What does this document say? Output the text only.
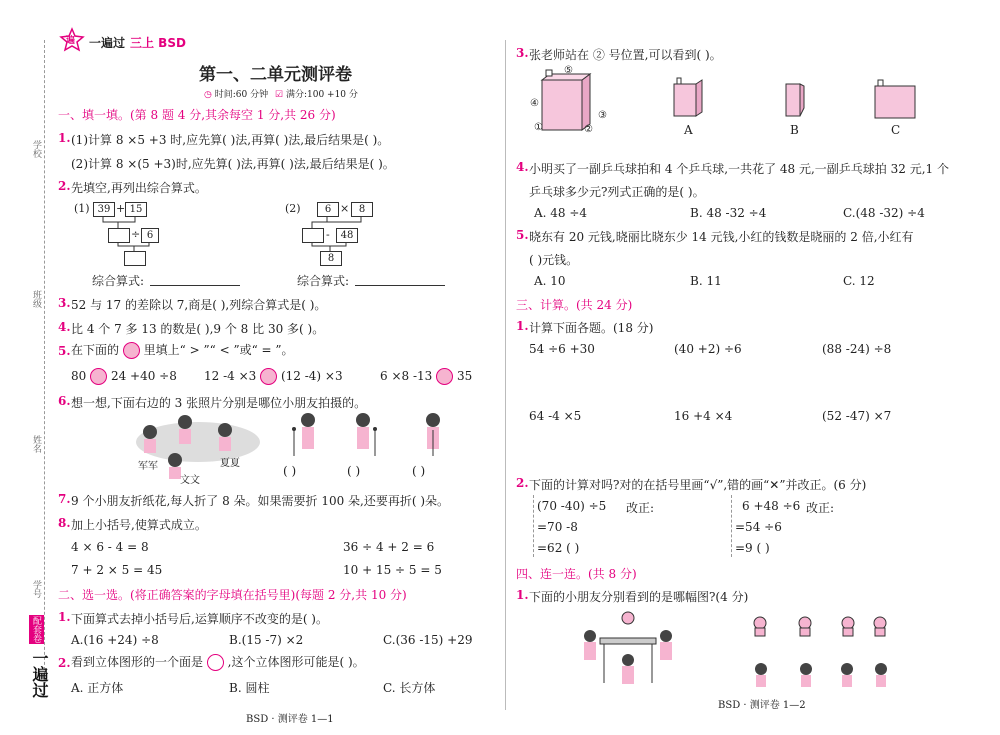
遍 一遍过 三上 BSD
学校
班级
姓名
学号
一遍过
配套卷
第一、二单元测评卷
◷ 时间:60 分钟 ☑ 满分:100 +10 分
一、填一填。(第 8 题 4 分,其余每空 1 分,共 26 分)
1. (1)计算 8 ×5 +3 时,应先算( )法,再算( )法,最后结果是( )。
(2)计算 8 ×(5 +3)时,应先算( )法,再算( )法,最后结果是( )。
2. 先填空,再列出综合算式。
(1) 39 + 15
÷ 6
综合算式:
(2)	6 × 8
-	48
8
综合算式:
3. 52 与 17 的差除以 7,商是( ),列综合算式是( )。
4. 比 4 个 7 多 13 的数是( ),9 个 8 比 30 多( )。
5. 在下面的 里填上“ > ”“ < ”或“ = ”。
80 24 +40 ÷8 12 -4 ×3 (12 -4) ×3	6 ×8 -13 35
6. 想一想,下面右边的 3 张照片分别是哪位小朋友拍摄的。
军军	夏夏
文文
( )	( )	( )
7. 9 个小朋友折纸花,每人折了 8 朵。如果需要折 100 朵,还要再折( )朵。
8. 加上小括号,使算式成立。
4 × 6 - 4 = 8	36 ÷ 4 + 2 = 6
7 + 2 × 5 = 45	10 + 15 ÷ 5 = 5
二、选一选。(将正确答案的字母填在括号里)(每题 2 分,共 10 分)
1. 下面算式去掉小括号后,运算顺序不改变的是( )。
A.(16 +24) ÷8	B.(15 -7) ×2	C.(36 -15) +29
2. 看到立体图形的一个面是 ,这个立体图形可能是( )。
A. 正方体	B. 圆柱	C. 长方体
BSD · 测评卷 1—1
3. 张老师站在 ② 号位置,可以看到( )。
⑤
④
①	②
③
A	B	C
4. 小明买了一副乒乓球拍和 4 个乒乓球,一共花了 48 元,一副乒乓球拍 32 元,1 个
乒乓球多少元?列式正确的是( )。
A. 48 ÷4	B. 48 -32 ÷4	C.(48 -32) ÷4
5. 晓东有 20 元钱,晓丽比晓东少 14 元钱,小红的钱数是晓丽的 2 倍,小红有
( )元钱。
A. 10	B. 11	C. 12
三、计算。(共 24 分)
1. 计算下面各题。(18 分)
54 ÷6 +30	(40 +2) ÷6	(88 -24) ÷8
64 -4 ×5	16 +4 ×4	(52 -47) ×7
2. 下面的计算对吗?对的在括号里画“√”,错的画“✕”并改正。(6 分)
(70 -40) ÷5
=70 -8
=62 ( )
改正:	6 +48 ÷6
=54 ÷6
=9 ( )
改正:
四、连一连。(共 8 分)
1. 下面的小朋友分别看到的是哪幅图?(4 分)
BSD · 测评卷 1—2
